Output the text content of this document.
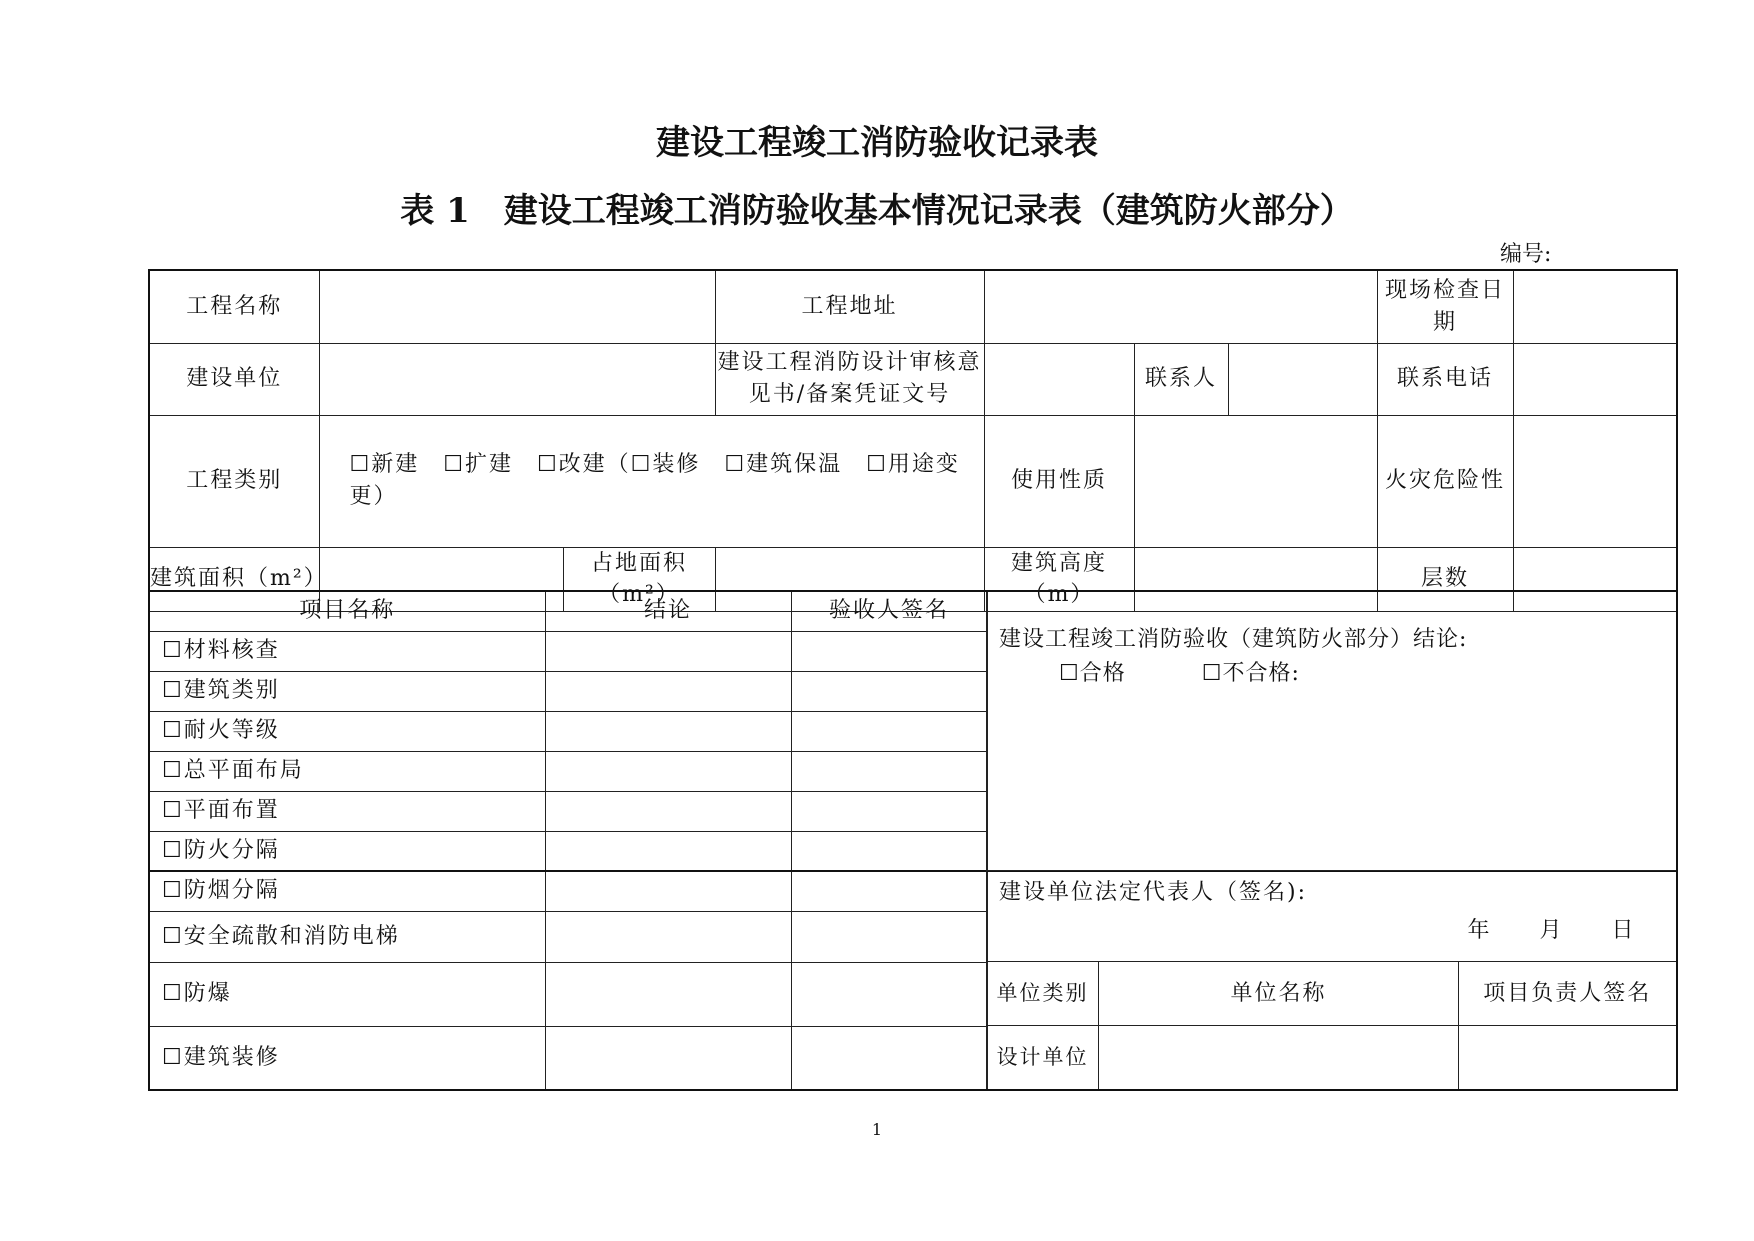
建设工程竣工消防验收记录表
表 1　建设工程竣工消防验收基本情况记录表（建筑防火部分）
编号:
工程名称			工程地址				现场检查日期	
建设单位			建设工程消防设计审核意见书/备案凭证文号		联系人		联系电话	
工程类别	☐新建　☐扩建　☐改建（☐装修　☐建筑保温　☐用途变更）			使用性质			火灾危险性	
建筑面积（m²）		占地面积（m²）		建筑高度（m）			层数	
项目名称	结论	验收人签名
☐材料核查		
☐建筑类别		
☐耐火等级		
☐总平面布局		
☐平面布置		
☐防火分隔		
☐防烟分隔		
☐安全疏散和消防电梯		
☐防爆		
☐建筑装修		
建设工程竣工消防验收（建筑防火部分）结论:
☐合格	☐不合格:
建设单位法定代表人（签名):
年　　月　　日
单位类别	单位名称	项目负责人签名
设计单位		
1
